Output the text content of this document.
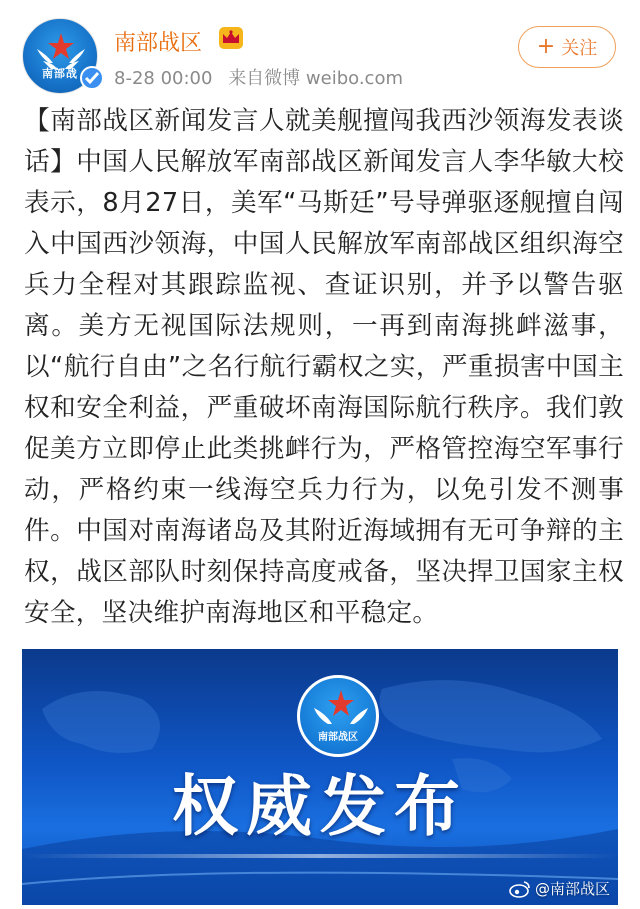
南部战
南部战区
8-28 00:00 来自微博 weibo.com
+ 关注
【南部战区新闻发言人就美舰擅闯我西沙领海发表谈话】中国人民解放军南部战区新闻发言人李华敏大校表示，8月27日，美军“马斯廷”号导弹驱逐舰擅自闯入中国西沙领海，中国人民解放军南部战区组织海空兵力全程对其跟踪监视、查证识别，并予以警告驱离。美方无视国际法规则，一再到南海挑衅滋事，以“航行自由”之名行航行霸权之实，严重损害中国主权和安全利益，严重破坏南海国际航行秩序。我们敦促美方立即停止此类挑衅行为，严格管控海空军事行动，严格约束一线海空兵力行为，以免引发不测事件。中国对南海诸岛及其附近海域拥有无可争辩的主权，战区部队时刻保持高度戒备，坚决捍卫国家主权安全，坚决维护南海地区和平稳定。
南部战区
权威发布
@南部战区
